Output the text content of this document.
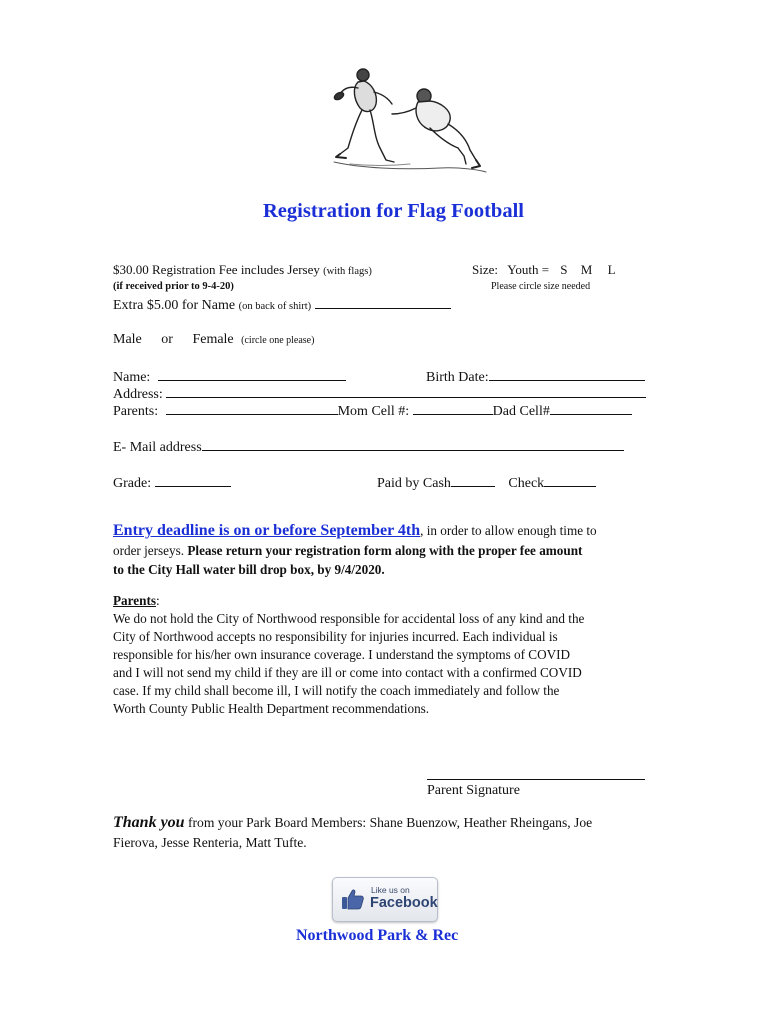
Registration for Flag Football
$30.00 Registration Fee includes Jersey (with flags)	Size: Youth = S M L
(if received prior to 9-4-20)	Please circle size needed
Extra $5.00 for Name (on back of shirt)
Male or Female (circle one please)
Name:	Birth Date:
Address:
Parents:	Mom Cell #:	Dad Cell#
E- Mail address
Grade:	Paid by Cash	Check
Entry deadline is on or before September 4th, in order to allow enough time to
order jerseys. Please return your registration form along with the proper fee amount
to the City Hall water bill drop box, by 9/4/2020.
Parents:
We do not hold the City of Northwood responsible for accidental loss of any kind and the
City of Northwood accepts no responsibility for injuries incurred. Each individual is
responsible for his/her own insurance coverage. I understand the symptoms of COVID
and I will not send my child if they are ill or come into contact with a confirmed COVID
case. If my child shall become ill, I will notify the coach immediately and follow the
Worth County Public Health Department recommendations.
Parent Signature
Thank you from your Park Board Members: Shane Buenzow, Heather Rheingans, Joe
Fierova, Jesse Renteria, Matt Tufte.
Like us on
Facebook
Northwood Park & Rec
